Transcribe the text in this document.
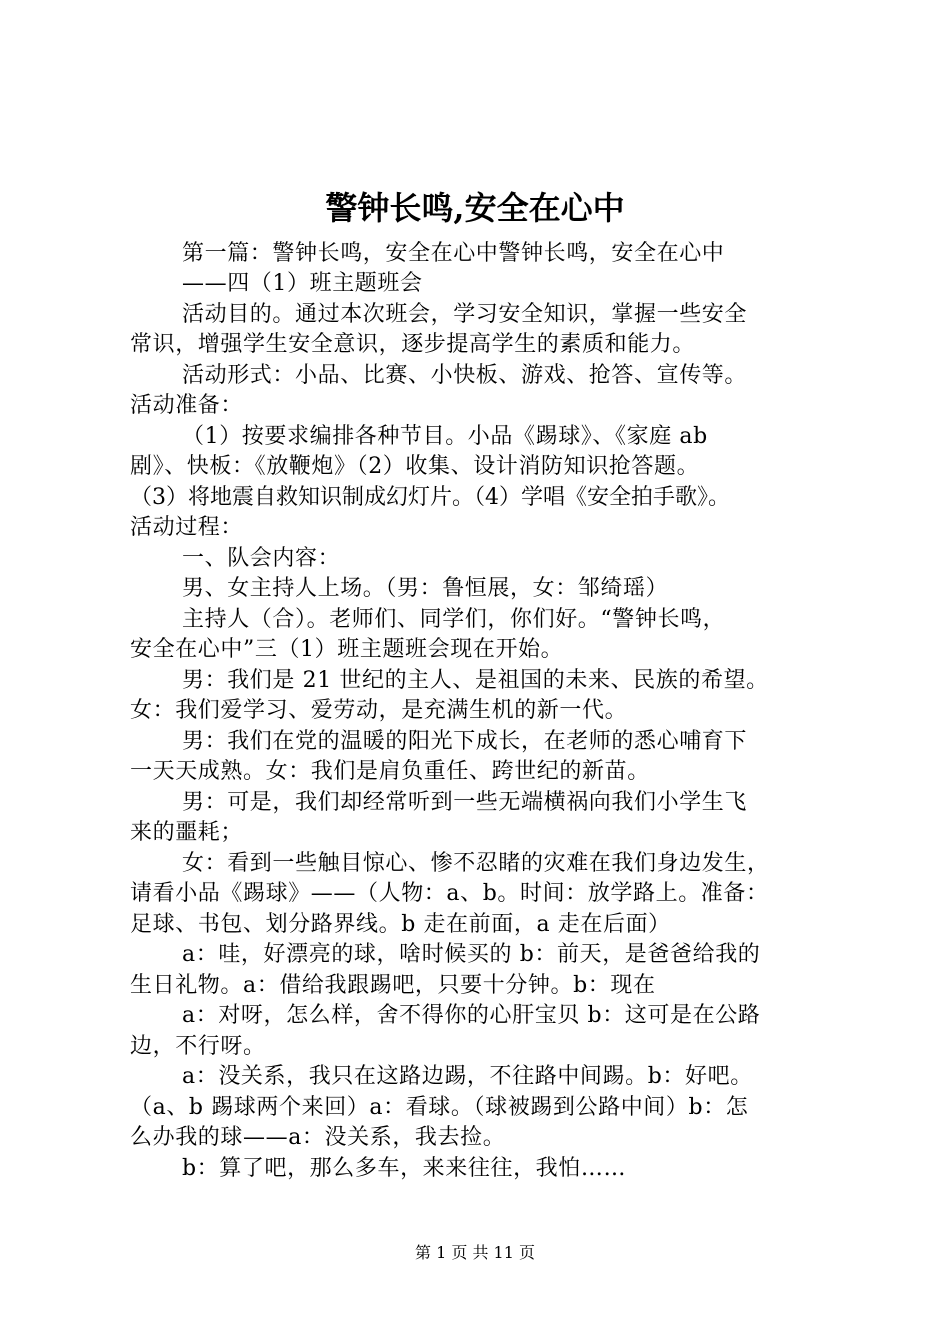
警钟长鸣,安全在心中
第一篇：警钟长鸣，安全在心中警钟长鸣，安全在心中
——四（1）班主题班会
活动目的。通过本次班会，学习安全知识，掌握一些安全
常识，增强学生安全意识，逐步提高学生的素质和能力。
活动形式：小品、比赛、小快板、游戏、抢答、宣传等。
活动准备：
（1）按要求编排各种节目。小品《踢球》、《家庭 ab
剧》、快板：《放鞭炮》（2）收集、设计消防知识抢答题。
（3）将地震自救知识制成幻灯片。（4）学唱《安全拍手歌》。
活动过程：
一、队会内容：
男、女主持人上场。（男：鲁恒展，女：邹绮瑶）
主持人（合）。老师们、同学们，你们好。“警钟长鸣，
安全在心中”三（1）班主题班会现在开始。
男：我们是 21 世纪的主人、是祖国的未来、民族的希望。
女：我们爱学习、爱劳动，是充满生机的新一代。
男：我们在党的温暖的阳光下成长，在老师的悉心哺育下
一天天成熟。女：我们是肩负重任、跨世纪的新苗。
男：可是，我们却经常听到一些无端横祸向我们小学生飞
来的噩耗；
女：看到一些触目惊心、惨不忍睹的灾难在我们身边发生，
请看小品《踢球》——（人物：a、b。时间：放学路上。准备：
足球、书包、划分路界线。b 走在前面，a 走在后面）
a：哇，好漂亮的球，啥时候买的 b：前天，是爸爸给我的
生日礼物。a：借给我跟踢吧，只要十分钟。b：现在
a：对呀，怎么样，舍不得你的心肝宝贝 b：这可是在公路
边，不行呀。
a：没关系，我只在这路边踢，不往路中间踢。b：好吧。
（a、b 踢球两个来回）a：看球。（球被踢到公路中间）b：怎
么办我的球——a：没关系，我去捡。
b：算了吧，那么多车，来来往往，我怕……
第 1 页 共 11 页
